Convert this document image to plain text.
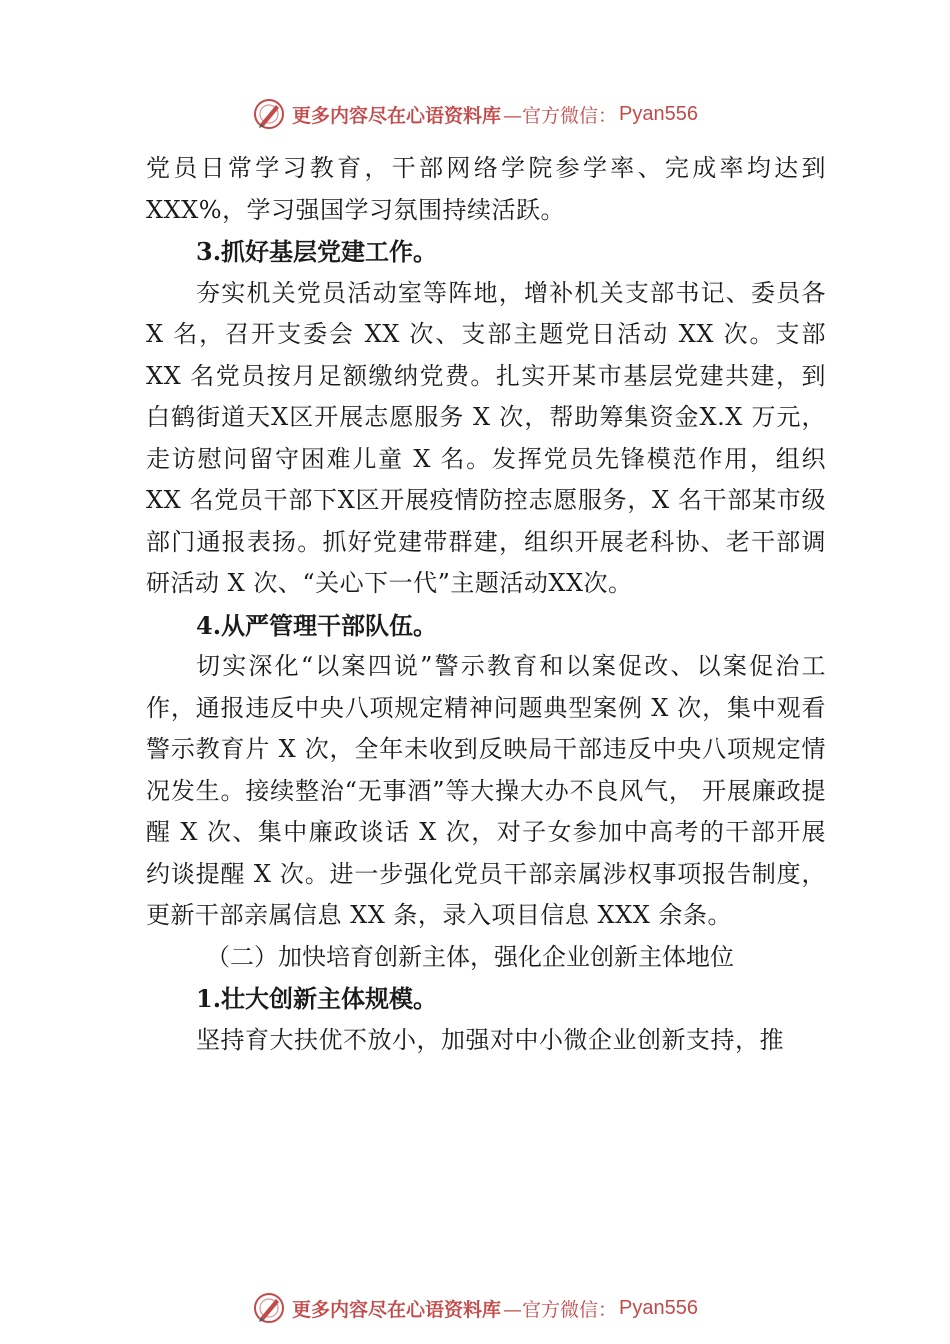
更多内容尽在心语资料库 —官方微信： Pyan556

党员日常学习教育，干部网络学院参学率、完成率均达到XXX%，学习强国学习氛围持续活跃。

3.抓好基层党建工作。

夯实机关党员活动室等阵地，增补机关支部书记、委员各 X 名，召开支委会 XX 次、支部主题党日活动 XX 次。支部 XX 名党员按月足额缴纳党费。扎实开某市基层党建共建，到白鹤街道天X区开展志愿服务 X 次，帮助筹集资金X.X 万元，走访慰问留守困难儿童 X 名。发挥党员先锋模范作用，组织 XX 名党员干部下X区开展疫情防控志愿服务，X 名干部某市级部门通报表扬。抓好党建带群建，组织开展老科协、老干部调研活动 X 次、“关心下一代”主题活动XX次。

4.从严管理干部队伍。

切实深化“以案四说”警示教育和以案促改、以案促治工作，通报违反中央八项规定精神问题典型案例 X 次，集中观看警示教育片 X 次，全年未收到反映局干部违反中央八项规定情况发生。接续整治“无事酒”等大操大办不良风气， 开展廉政提醒 X 次、集中廉政谈话 X 次，对子女参加中高考的干部开展约谈提醒 X 次。进一步强化党员干部亲属涉权事项报告制度，更新干部亲属信息 XX 条，录入项目信息 XXX 余条。

（二）加快培育创新主体，强化企业创新主体地位

1.壮大创新主体规模。

坚持育大扶优不放小，加强对中小微企业创新支持，推

更多内容尽在心语资料库 —官方微信： Pyan556
